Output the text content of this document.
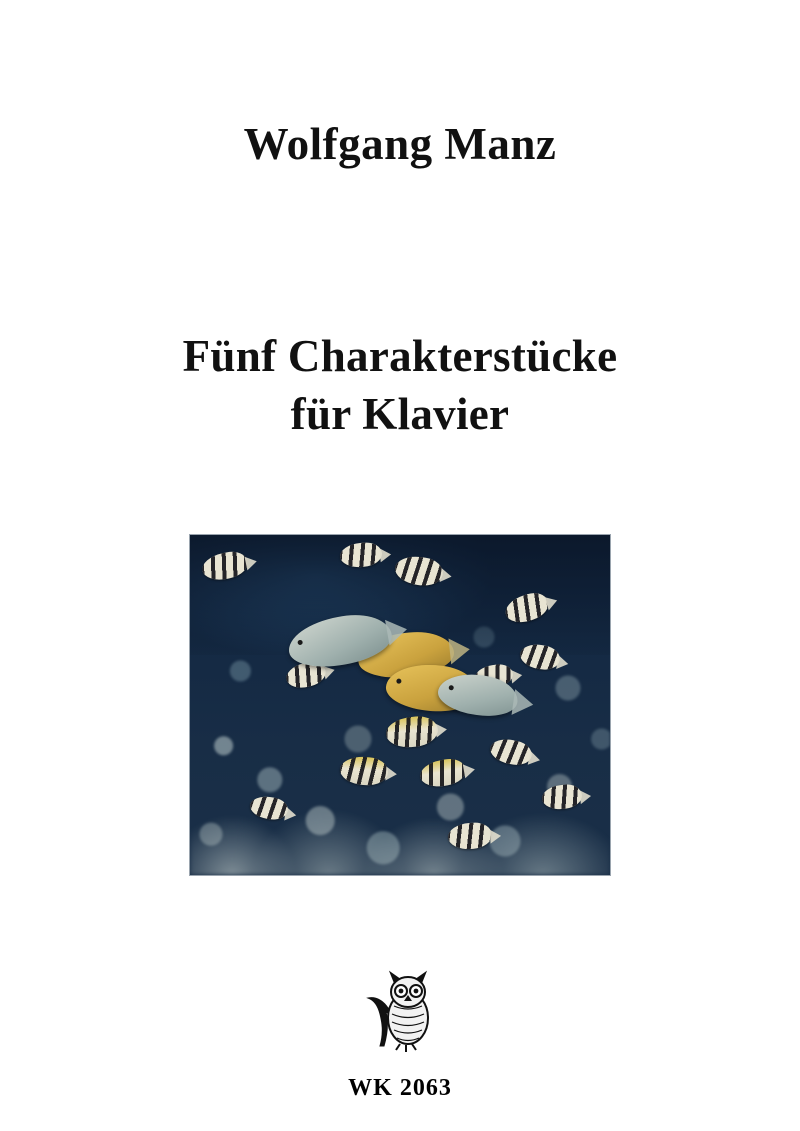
Wolfgang Manz
Fünf Charakterstücke
für Klavier
WK 2063
